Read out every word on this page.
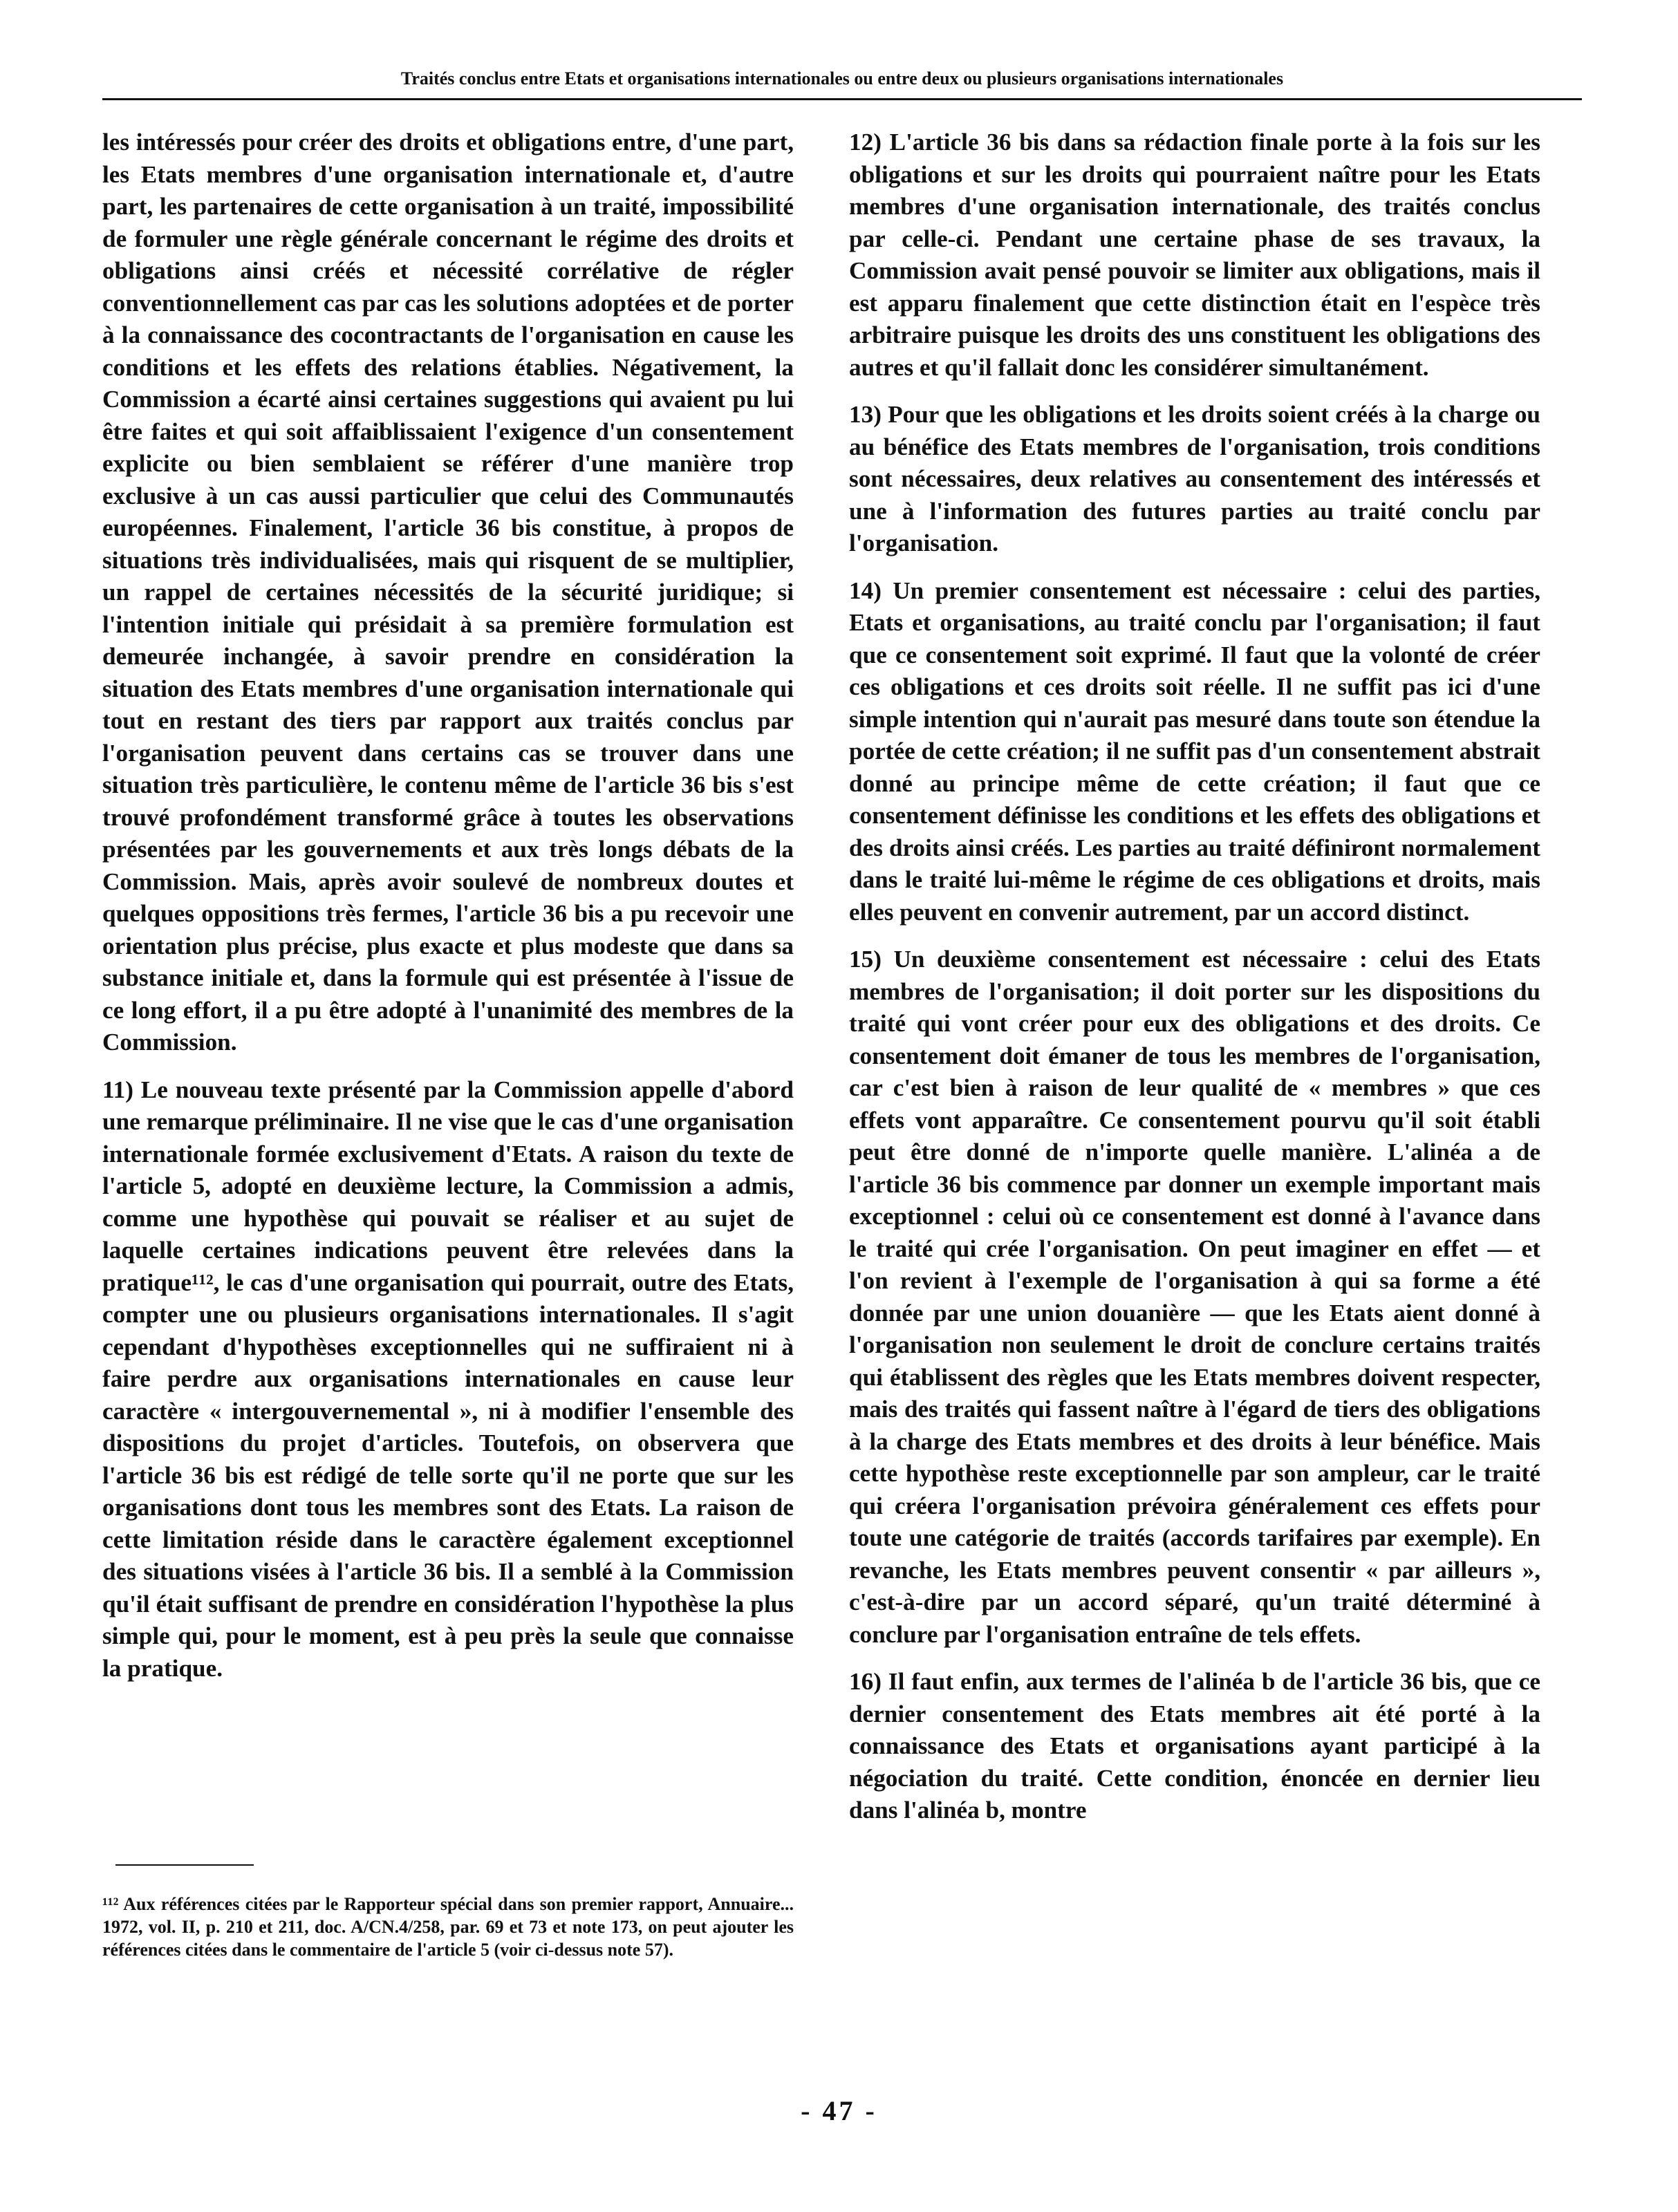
Traités conclus entre Etats et organisations internationales ou entre deux ou plusieurs organisations internationales

les intéressés pour créer des droits et obligations entre, d'une part, les Etats membres d'une organisation internationale et, d'autre part, les partenaires de cette organisation à un traité, impossibilité de formuler une règle générale concernant le régime des droits et obligations ainsi créés et nécessité corrélative de régler conventionnellement cas par cas les solutions adoptées et de porter à la connaissance des cocontractants de l'organisation en cause les conditions et les effets des relations établies. Négativement, la Commission a écarté ainsi certaines suggestions qui avaient pu lui être faites et qui soit affaiblissaient l'exigence d'un consentement explicite ou bien semblaient se référer d'une manière trop exclusive à un cas aussi particulier que celui des Communautés européennes. Finalement, l'article 36 bis constitue, à propos de situations très individualisées, mais qui risquent de se multiplier, un rappel de certaines nécessités de la sécurité juridique; si l'intention initiale qui présidait à sa première formulation est demeurée inchangée, à savoir prendre en considération la situation des Etats membres d'une organisation internationale qui tout en restant des tiers par rapport aux traités conclus par l'organisation peuvent dans certains cas se trouver dans une situation très particulière, le contenu même de l'article 36 bis s'est trouvé profondément transformé grâce à toutes les observations présentées par les gouvernements et aux très longs débats de la Commission. Mais, après avoir soulevé de nombreux doutes et quelques oppositions très fermes, l'article 36 bis a pu recevoir une orientation plus précise, plus exacte et plus modeste que dans sa substance initiale et, dans la formule qui est présentée à l'issue de ce long effort, il a pu être adopté à l'unanimité des membres de la Commission.

11) Le nouveau texte présenté par la Commission appelle d'abord une remarque préliminaire. Il ne vise que le cas d'une organisation internationale formée exclusivement d'Etats. A raison du texte de l'article 5, adopté en deuxième lecture, la Commission a admis, comme une hypothèse qui pouvait se réaliser et au sujet de laquelle certaines indications peuvent être relevées dans la pratique¹¹², le cas d'une organisation qui pourrait, outre des Etats, compter une ou plusieurs organisations internationales. Il s'agit cependant d'hypothèses exceptionnelles qui ne suffiraient ni à faire perdre aux organisations internationales en cause leur caractère « intergouvernemental », ni à modifier l'ensemble des dispositions du projet d'articles. Toutefois, on observera que l'article 36 bis est rédigé de telle sorte qu'il ne porte que sur les organisations dont tous les membres sont des Etats. La raison de cette limitation réside dans le caractère également exceptionnel des situations visées à l'article 36 bis. Il a semblé à la Commission qu'il était suffisant de prendre en considération l'hypothèse la plus simple qui, pour le moment, est à peu près la seule que connaisse la pratique.

12) L'article 36 bis dans sa rédaction finale porte à la fois sur les obligations et sur les droits qui pourraient naître pour les Etats membres d'une organisation internationale, des traités conclus par celle-ci. Pendant une certaine phase de ses travaux, la Commission avait pensé pouvoir se limiter aux obligations, mais il est apparu finalement que cette distinction était en l'espèce très arbitraire puisque les droits des uns constituent les obligations des autres et qu'il fallait donc les considérer simultanément.

13) Pour que les obligations et les droits soient créés à la charge ou au bénéfice des Etats membres de l'organisation, trois conditions sont nécessaires, deux relatives au consentement des intéressés et une à l'information des futures parties au traité conclu par l'organisation.

14) Un premier consentement est nécessaire : celui des parties, Etats et organisations, au traité conclu par l'organisation; il faut que ce consentement soit exprimé. Il faut que la volonté de créer ces obligations et ces droits soit réelle. Il ne suffit pas ici d'une simple intention qui n'aurait pas mesuré dans toute son étendue la portée de cette création; il ne suffit pas d'un consentement abstrait donné au principe même de cette création; il faut que ce consentement définisse les conditions et les effets des obligations et des droits ainsi créés. Les parties au traité définiront normalement dans le traité lui-même le régime de ces obligations et droits, mais elles peuvent en convenir autrement, par un accord distinct.

15) Un deuxième consentement est nécessaire : celui des Etats membres de l'organisation; il doit porter sur les dispositions du traité qui vont créer pour eux des obligations et des droits. Ce consentement doit émaner de tous les membres de l'organisation, car c'est bien à raison de leur qualité de « membres » que ces effets vont apparaître. Ce consentement pourvu qu'il soit établi peut être donné de n'importe quelle manière. L'alinéa a de l'article 36 bis commence par donner un exemple important mais exceptionnel : celui où ce consentement est donné à l'avance dans le traité qui crée l'organisation. On peut imaginer en effet — et l'on revient à l'exemple de l'organisation à qui sa forme a été donnée par une union douanière — que les Etats aient donné à l'organisation non seulement le droit de conclure certains traités qui établissent des règles que les Etats membres doivent respecter, mais des traités qui fassent naître à l'égard de tiers des obligations à la charge des Etats membres et des droits à leur bénéfice. Mais cette hypothèse reste exceptionnelle par son ampleur, car le traité qui créera l'organisation prévoira généralement ces effets pour toute une catégorie de traités (accords tarifaires par exemple). En revanche, les Etats membres peuvent consentir « par ailleurs », c'est-à-dire par un accord séparé, qu'un traité déterminé à conclure par l'organisation entraîne de tels effets.

16) Il faut enfin, aux termes de l'alinéa b de l'article 36 bis, que ce dernier consentement des Etats membres ait été porté à la connaissance des Etats et organisations ayant participé à la négociation du traité. Cette condition, énoncée en dernier lieu dans l'alinéa b, montre

¹¹² Aux références citées par le Rapporteur spécial dans son premier rapport, Annuaire... 1972, vol. II, p. 210 et 211, doc. A/CN.4/258, par. 69 et 73 et note 173, on peut ajouter les références citées dans le commentaire de l'article 5 (voir ci-dessus note 57).
- 47 -
